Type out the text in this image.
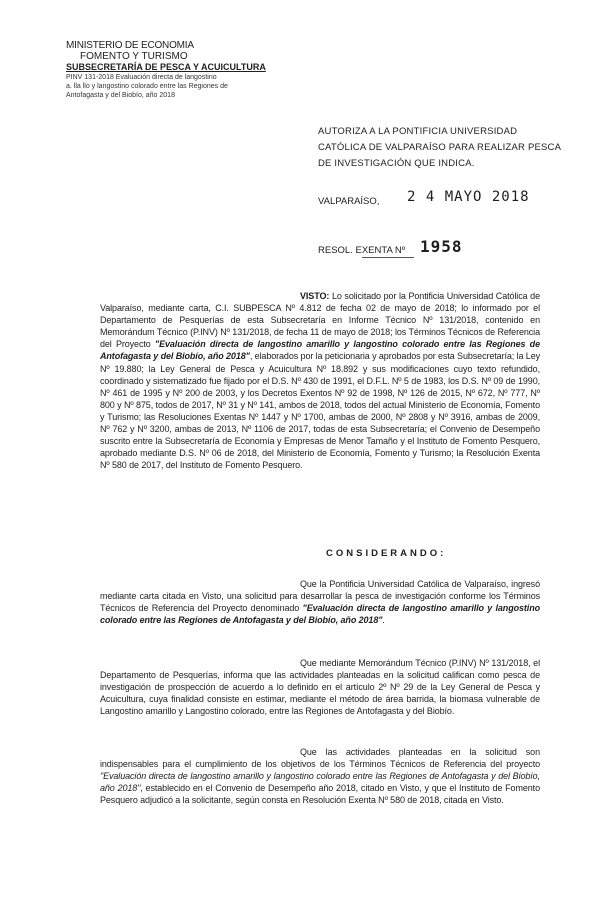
MINISTERIO DE ECONOMIA
FOMENTO Y TURISMO
SUBSECRETARÍA DE PESCA Y ACUICULTURA
PINV 131-2018 Evaluación directa de langostino
a. lla llo y langostino colorado entre las Regiones de
Antofagasta y del Biobío, año 2018
AUTORIZA A LA PONTIFICIA UNIVERSIDAD
CATÓLICA DE VALPARAÍSO PARA REALIZAR PESCA
DE INVESTIGACIÓN QUE INDICA.
VALPARAÍSO, 2 4 MAYO 2018
RESOL. EXENTA Nº 1958
VISTO: Lo solicitado por la Pontificia Universidad Católica de Valparaíso, mediante carta, C.I. SUBPESCA Nº 4.812 de fecha 02 de mayo de 2018; lo informado por el Departamento de Pesquerías de esta Subsecretaría en Informe Técnico Nº 131/2018, contenido en Memorándum Técnico (P.INV) Nº 131/2018, de fecha 11 de mayo de 2018; los Términos Técnicos de Referencia del Proyecto "Evaluación directa de langostino amarillo y langostino colorado entre las Regiones de Antofagasta y del Biobío, año 2018", elaborados por la peticionaria y aprobados por esta Subsecretaría; la Ley Nº 19.880; la Ley General de Pesca y Acuicultura Nº 18.892 y sus modificaciones cuyo texto refundido, coordinado y sistematizado fue fijado por el D.S. Nº 430 de 1991, el D.F.L. Nº 5 de 1983, los D.S. Nº 09 de 1990, Nº 461 de 1995 y Nº 200 de 2003, y los Decretos Exentos Nº 92 de 1998, Nº 126 de 2015, Nº 672, Nº 777, Nº 800 y Nº 875, todos de 2017, Nº 31 y Nº 141, ambos de 2018, todos del actual Ministerio de Economía, Fomento y Turismo; las Resoluciones Exentas Nº 1447 y Nº 1700, ambas de 2000, Nº 2808 y Nº 3916, ambas de 2009, Nº 762 y Nº 3200, ambas de 2013, Nº 1106 de 2017, todas de esta Subsecretaría; el Convenio de Desempeño suscrito entre la Subsecretaría de Economía y Empresas de Menor Tamaño y el Instituto de Fomento Pesquero, aprobado mediante D.S. Nº 06 de 2018, del Ministerio de Economía, Fomento y Turismo; la Resolución Exenta Nº 580 de 2017, del Instituto de Fomento Pesquero.
CONSIDERANDO:
Que la Pontificia Universidad Católica de Valparaíso, ingresó mediante carta citada en Visto, una solicitud para desarrollar la pesca de investigación conforme los Términos Técnicos de Referencia del Proyecto denominado "Evaluación directa de langostino amarillo y langostino colorado entre las Regiones de Antofagasta y del Biobío, año 2018".
Que mediante Memorándum Técnico (P.INV) Nº 131/2018, el Departamento de Pesquerías, informa que las actividades planteadas en la solicitud califican como pesca de investigación de prospección de acuerdo a lo definido en el artículo 2º Nº 29 de la Ley General de Pesca y Acuicultura, cuya finalidad consiste en estimar, mediante el método de área barrida, la biomasa vulnerable de Langostino amarillo y Langostino colorado, entre las Regiones de Antofagasta y del Biobío.
Que las actividades planteadas en la solicitud son indispensables para el cumplimiento de los objetivos de los Términos Técnicos de Referencia del proyecto "Evaluación directa de langostino amarillo y langostino colorado entre las Regiones de Antofagasta y del Biobío, año 2018", establecido en el Convenio de Desempeño año 2018, citado en Visto, y que el Instituto de Fomento Pesquero adjudicó a la solicitante, según consta en Resolución Exenta Nº 580 de 2018, citada en Visto.
